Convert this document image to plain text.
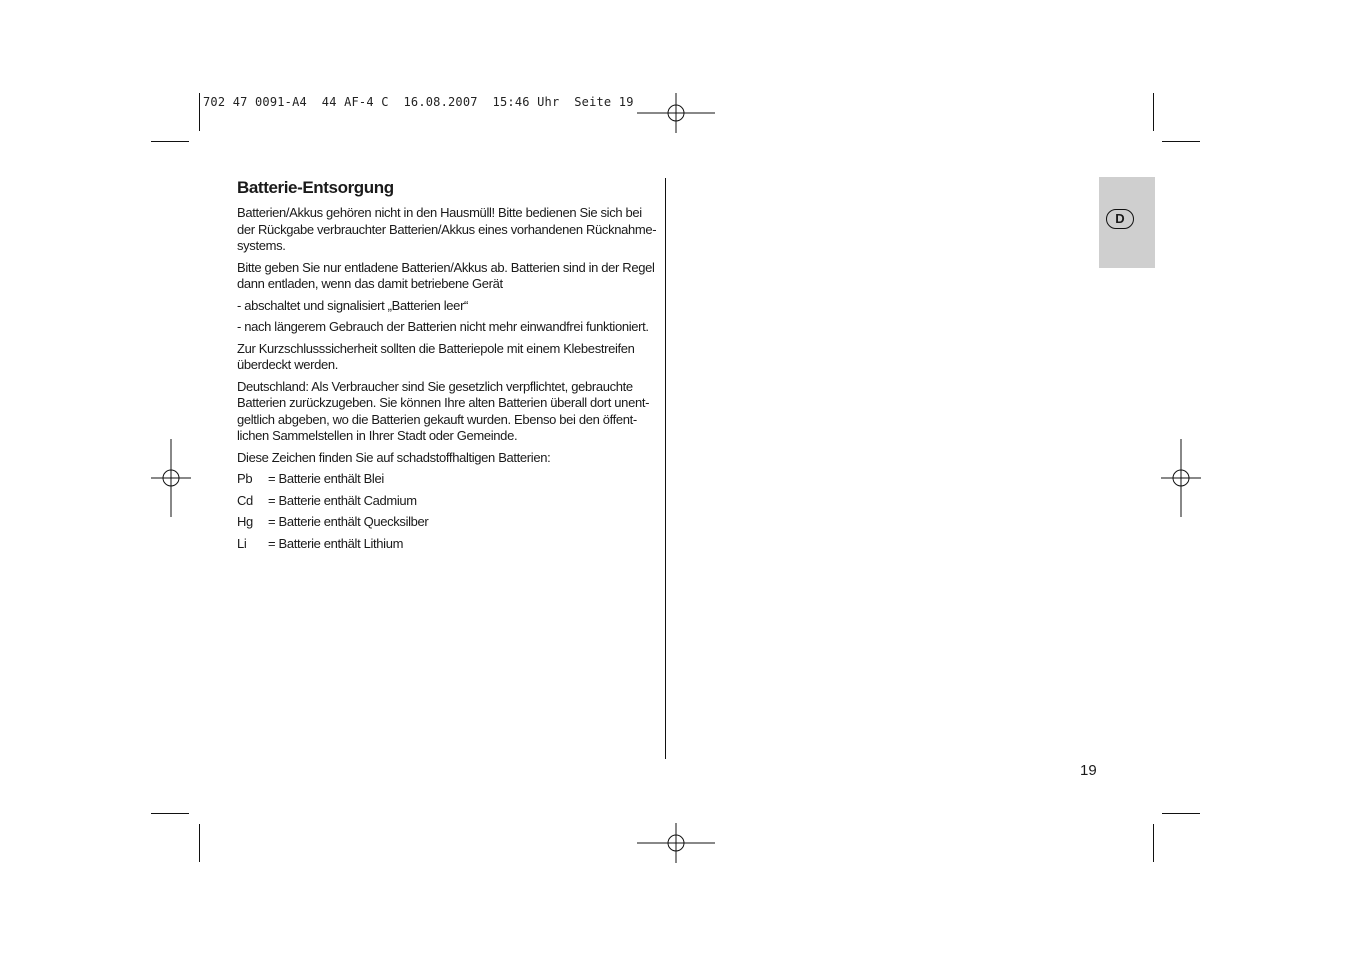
702 47 0091-A4  44 AF-4 C  16.08.2007  15:46 Uhr  Seite 19
Batterie-Entsorgung

Batterien/Akkus gehören nicht in den Hausmüll! Bitte bedienen Sie sich bei
der Rückgabe verbrauchter Batterien/Akkus eines vorhandenen Rücknahme-
systems.

Bitte geben Sie nur entladene Batterien/Akkus ab. Batterien sind in der Regel
dann entladen, wenn das damit betriebene Gerät

- abschaltet und signalisiert „Batterien leer“

- nach längerem Gebrauch der Batterien nicht mehr einwandfrei funktioniert.

Zur Kurzschlusssicherheit sollten die Batteriepole mit einem Klebestreifen
überdeckt werden.

Deutschland: Als Verbraucher sind Sie gesetzlich verpflichtet, gebrauchte
Batterien zurückzugeben. Sie können Ihre alten Batterien überall dort unent-
geltlich abgeben, wo die Batterien gekauft wurden. Ebenso bei den öffent-
lichen Sammelstellen in Ihrer Stadt oder Gemeinde.

Diese Zeichen finden Sie auf schadstoffhaltigen Batterien:

Pb	= Batterie enthält Blei
Cd	= Batterie enthält Cadmium
Hg	= Batterie enthält Quecksilber
Li	= Batterie enthält Lithium
D
19
